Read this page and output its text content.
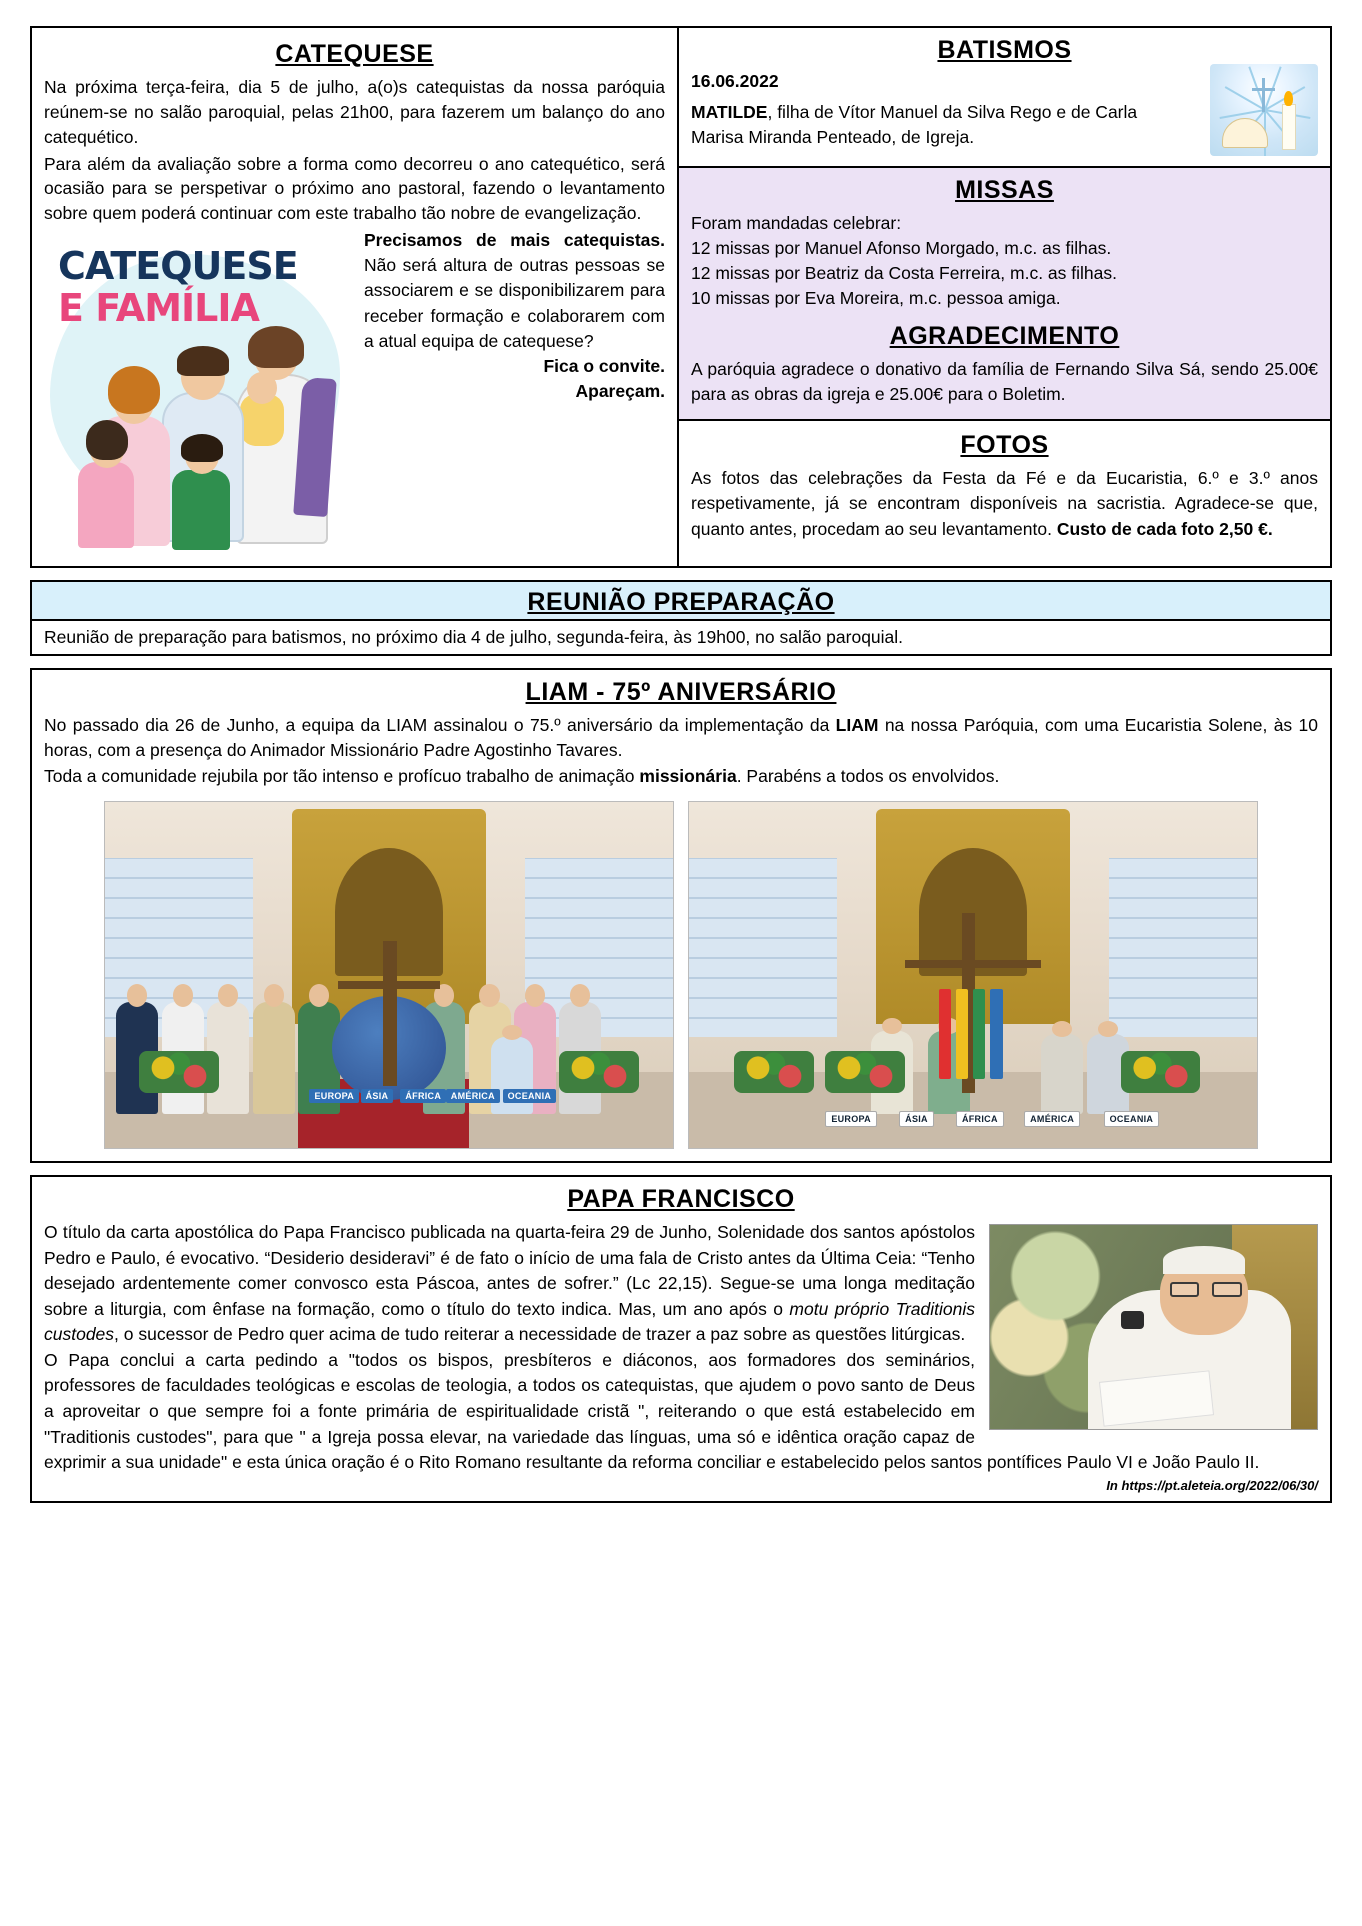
CATEQUESE

Na próxima terça-feira, dia 5 de julho, a(o)s catequistas da nossa paróquia reúnem-se no salão paroquial, pelas 21h00, para fazerem um balanço do ano catequético.

Para além da avaliação sobre a forma como decorreu o ano catequético, será ocasião para se perspetivar o próximo ano pastoral, fazendo o levantamento sobre quem poderá continuar com este trabalho tão nobre de evangelização.

CATEQUESE
E FAMÍLIA
Precisamos de mais catequistas. Não será altura de outras pessoas se associarem e se disponibilizarem para receber formação e colaborarem com a atual equipa de catequese?
Fica o convite.
Apareçam.
BATISMOS
16.06.2022
MATILDE, filha de Vítor Manuel da Silva Rego e de Carla Marisa Miranda Penteado, de Igreja.
MISSAS

Foram mandadas celebrar:

12 missas por Manuel Afonso Morgado, m.c. as filhas.

12 missas por Beatriz da Costa Ferreira, m.c. as filhas.

10 missas por Eva Moreira, m.c. pessoa amiga.

AGRADECIMENTO

A paróquia agradece o donativo da família de Fernando Silva Sá, sendo 25.00€ para as obras da igreja e 25.00€ para o Boletim.

FOTOS

As fotos das celebrações da Festa da Fé e da Eucaristia, 6.º e 3.º anos respetivamente, já se encontram disponíveis na sacristia. Agradece-se que, quanto antes, procedam ao seu levantamento. Custo de cada foto 2,50 €.

REUNIÃO PREPARAÇÃO
Reunião de preparação para batismos, no próximo dia 4 de julho, segunda-feira, às 19h00, no salão paroquial.
LIAM - 75º ANIVERSÁRIO

No passado dia 26 de Junho, a equipa da LIAM assinalou o 75.º aniversário da implementação da LIAM na nossa Paróquia, com uma Eucaristia Solene, às 10 horas, com a presença do Animador Missionário Padre Agostinho Tavares.

Toda a comunidade rejubila por tão intenso e profícuo trabalho de animação missionária. Parabéns a todos os envolvidos.

EUROPA	ÁSIA	ÁFRICA	AMÉRICA	OCEANIA
EUROPA	ÁSIA	ÁFRICA	AMÉRICA	OCEANIA
PAPA FRANCISCO

O título da carta apostólica do Papa Francisco publicada na quarta-feira 29 de Junho, Solenidade dos santos apóstolos Pedro e Paulo, é evocativo. “Desiderio desideravi” é de fato o início de uma fala de Cristo antes da Última Ceia: “Tenho desejado ardentemente comer convosco esta Páscoa, antes de sofrer.” (Lc 22,15). Segue-se uma longa meditação sobre a liturgia, com ênfase na formação, como o título do texto indica. Mas, um ano após o motu próprio Traditionis custodes, o sucessor de Pedro quer acima de tudo reiterar a necessidade de trazer a paz sobre as questões litúrgicas.

O Papa conclui a carta pedindo a "todos os bispos, presbíteros e diáconos, aos formadores dos seminários, professores de faculdades teológicas e escolas de teologia, a todos os catequistas, que ajudem o povo santo de Deus a aproveitar o que sempre foi a fonte primária de espiritualidade cristã ", reiterando o que está estabelecido em "Traditionis custodes", para que " a Igreja possa elevar, na variedade das línguas, uma só e idêntica oração capaz de exprimir a sua unidade" e esta única oração é o Rito Romano resultante da reforma conciliar e estabelecido pelos santos pontífices Paulo VI e João Paulo II.

In https://pt.aleteia.org/2022/06/30/
